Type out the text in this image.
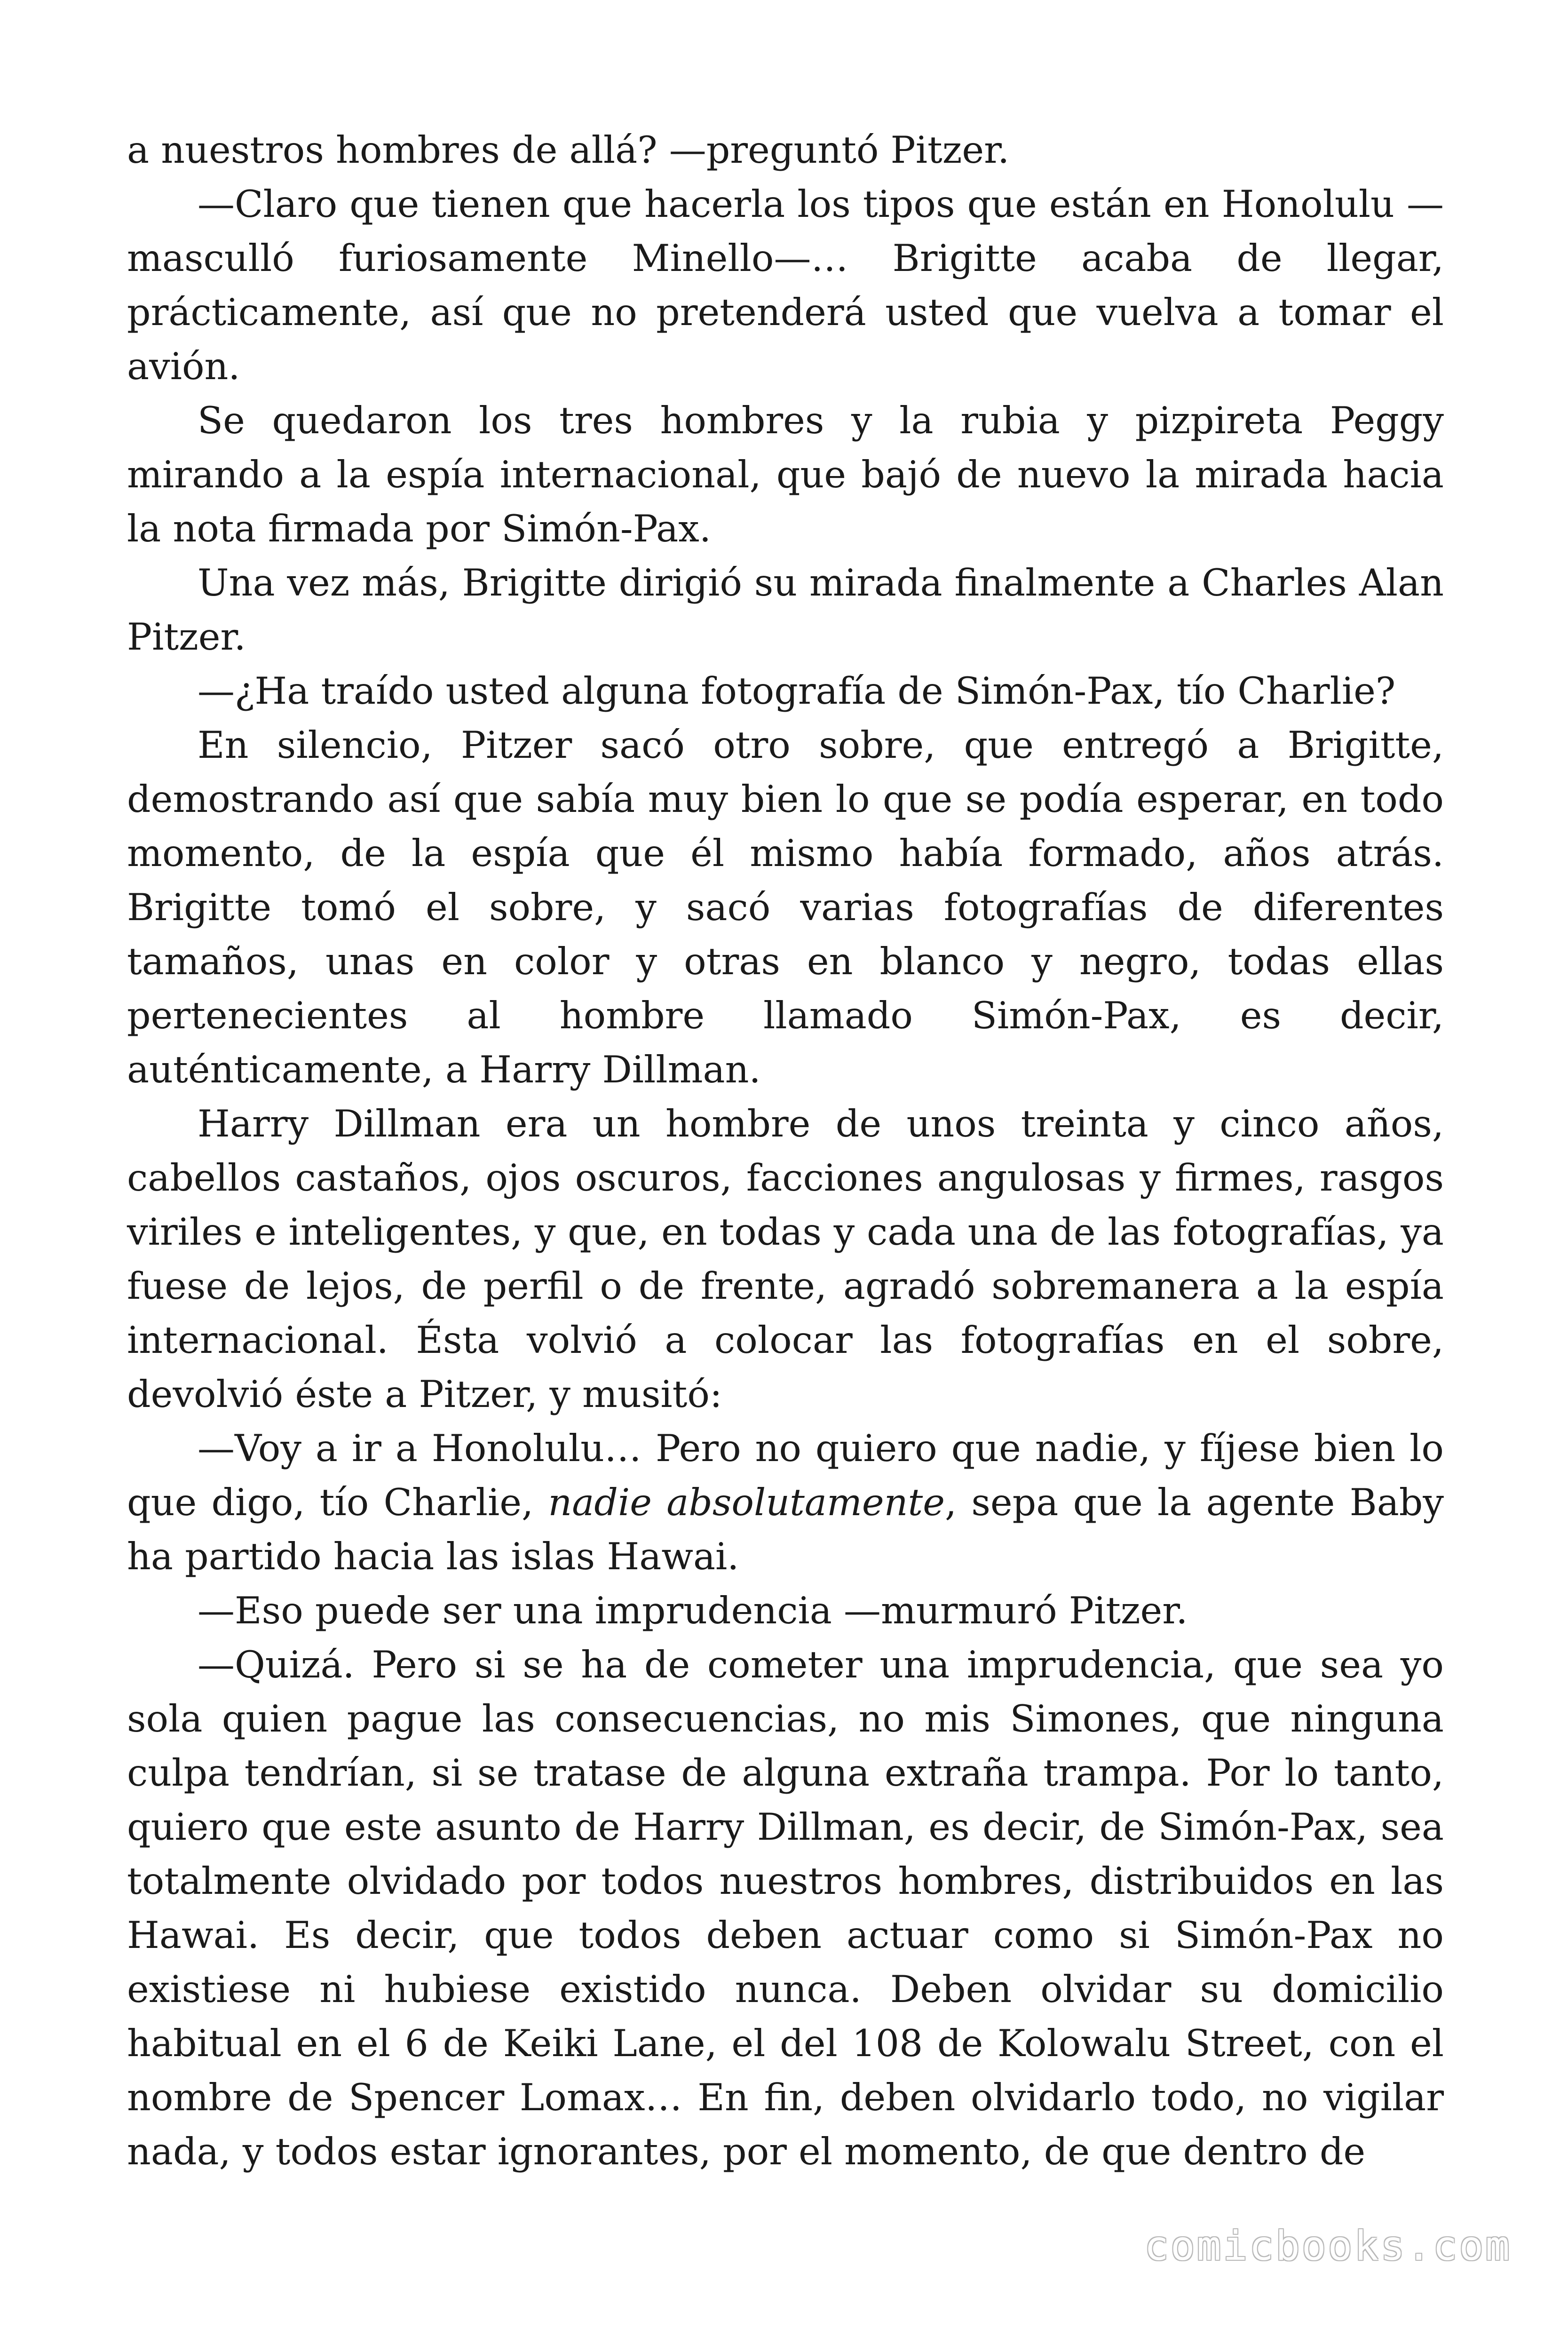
a nuestros hombres de allá? —preguntó Pitzer.

—Claro que tienen que hacerla los tipos que están en Honolulu —masculló furiosamente Minello—… Brigitte acaba de llegar, prácticamente, así que no pretenderá usted que vuelva a tomar el avión.

Se quedaron los tres hombres y la rubia y pizpireta Peggy mirando a la espía internacional, que bajó de nuevo la mirada hacia la nota firmada por Simón-Pax.

Una vez más, Brigitte dirigió su mirada finalmente a Charles Alan Pitzer.

—¿Ha traído usted alguna fotografía de Simón-Pax, tío Charlie?

En silencio, Pitzer sacó otro sobre, que entregó a Brigitte, demostrando así que sabía muy bien lo que se podía esperar, en todo momento, de la espía que él mismo había formado, años atrás. Brigitte tomó el sobre, y sacó varias fotografías de diferentes tamaños, unas en color y otras en blanco y negro, todas ellas pertenecientes al hombre llamado Simón-Pax, es decir, auténticamente, a Harry Dillman.

Harry Dillman era un hombre de unos treinta y cinco años, cabellos castaños, ojos oscuros, facciones angulosas y firmes, rasgos viriles e inteligentes, y que, en todas y cada una de las fotografías, ya fuese de lejos, de perfil o de frente, agradó sobremanera a la espía internacional. Ésta volvió a colocar las fotografías en el sobre, devolvió éste a Pitzer, y musitó:

—Voy a ir a Honolulu… Pero no quiero que nadie, y fíjese bien lo que digo, tío Charlie, nadie absolutamente, sepa que la agente Baby ha partido hacia las islas Hawai.

—Eso puede ser una imprudencia —murmuró Pitzer.

—Quizá. Pero si se ha de cometer una imprudencia, que sea yo sola quien pague las consecuencias, no mis Simones, que ninguna culpa tendrían, si se tratase de alguna extraña trampa. Por lo tanto, quiero que este asunto de Harry Dillman, es decir, de Simón-Pax, sea totalmente olvidado por todos nuestros hombres, distribuidos en las Hawai. Es decir, que todos deben actuar como si Simón-Pax no existiese ni hubiese existido nunca. Deben olvidar su domicilio habitual en el 6 de Keiki Lane, el del 108 de Kolowalu Street, con el nombre de Spencer Lomax… En fin, deben olvidarlo todo, no vigilar nada, y todos estar ignorantes, por el momento, de que dentro de

comicbooks.com
